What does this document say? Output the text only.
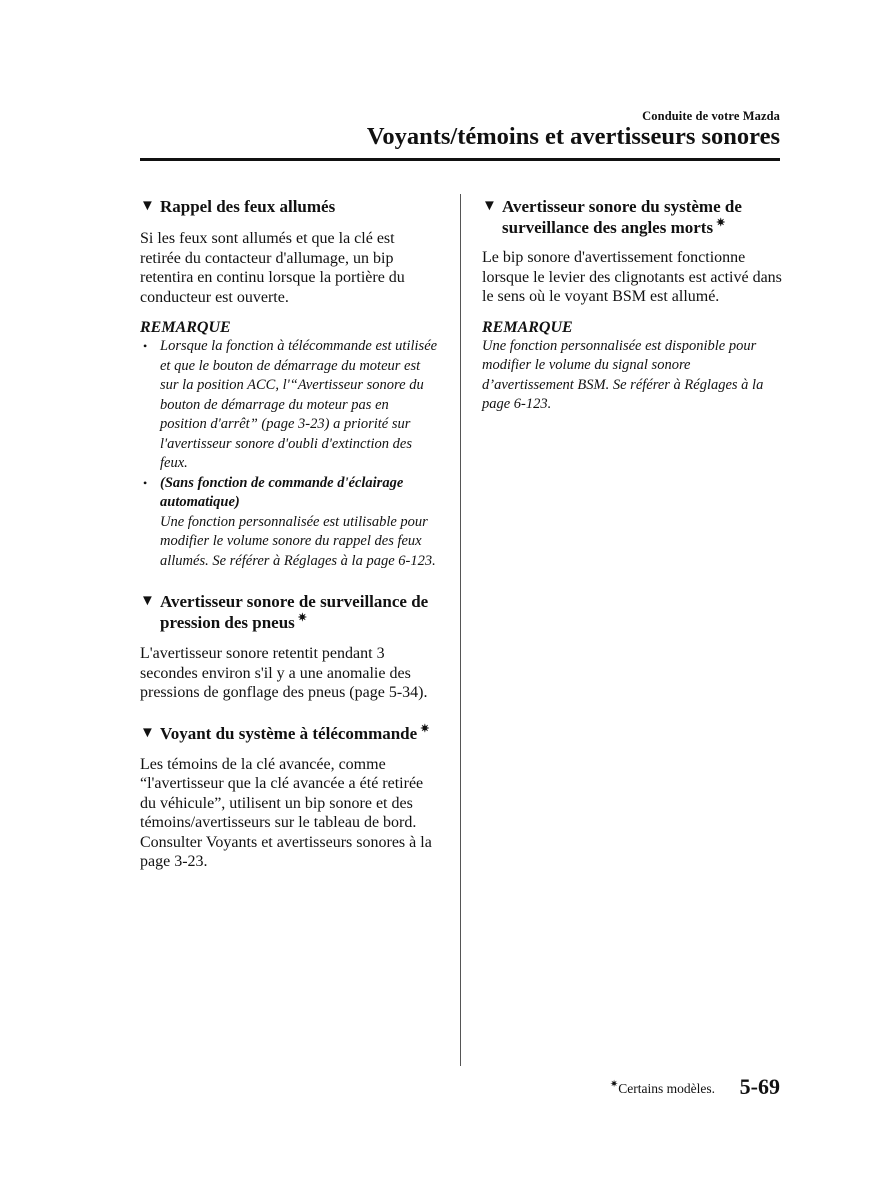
Conduite de votre Mazda
Voyants/témoins et avertisseurs sonores
▼ Rappel des feux allumés

Si les feux sont allumés et que la clé est retirée du contacteur d'allumage, un bip retentira en continu lorsque la portière du conducteur est ouverte.

REMARQUE

• Lorsque la fonction à télécommande est utilisée et que le bouton de démarrage du moteur est sur la position ACC, l'“Avertisseur sonore du bouton de démarrage du moteur pas en position d'arrêt” (page 3-23) a priorité sur l'avertisseur sonore d'oubli d'extinction des feux.
• (Sans fonction de commande d'éclairage automatique)
Une fonction personnalisée est utilisable pour modifier le volume sonore du rappel des feux allumés. Se référer à Réglages à la page 6-123.
▼ Avertisseur sonore de surveillance de pression des pneus ✷

L'avertisseur sonore retentit pendant 3 secondes environ s'il y a une anomalie des pressions de gonflage des pneus (page 5-34).

▼ Voyant du système à télécommande ✷

Les témoins de la clé avancée, comme “l'avertisseur que la clé avancée a été retirée du véhicule”, utilisent un bip sonore et des témoins/avertisseurs sur le tableau de bord.

Consulter Voyants et avertisseurs sonores à la page 3-23.

▼ Avertisseur sonore du système de surveillance des angles morts ✷

Le bip sonore d'avertissement fonctionne lorsque le levier des clignotants est activé dans le sens où le voyant BSM est allumé.

REMARQUE

Une fonction personnalisée est disponible pour modifier le volume du signal sonore d’avertissement BSM. Se référer à Réglages à la page 6-123.

✷Certains modèles. 5-69
